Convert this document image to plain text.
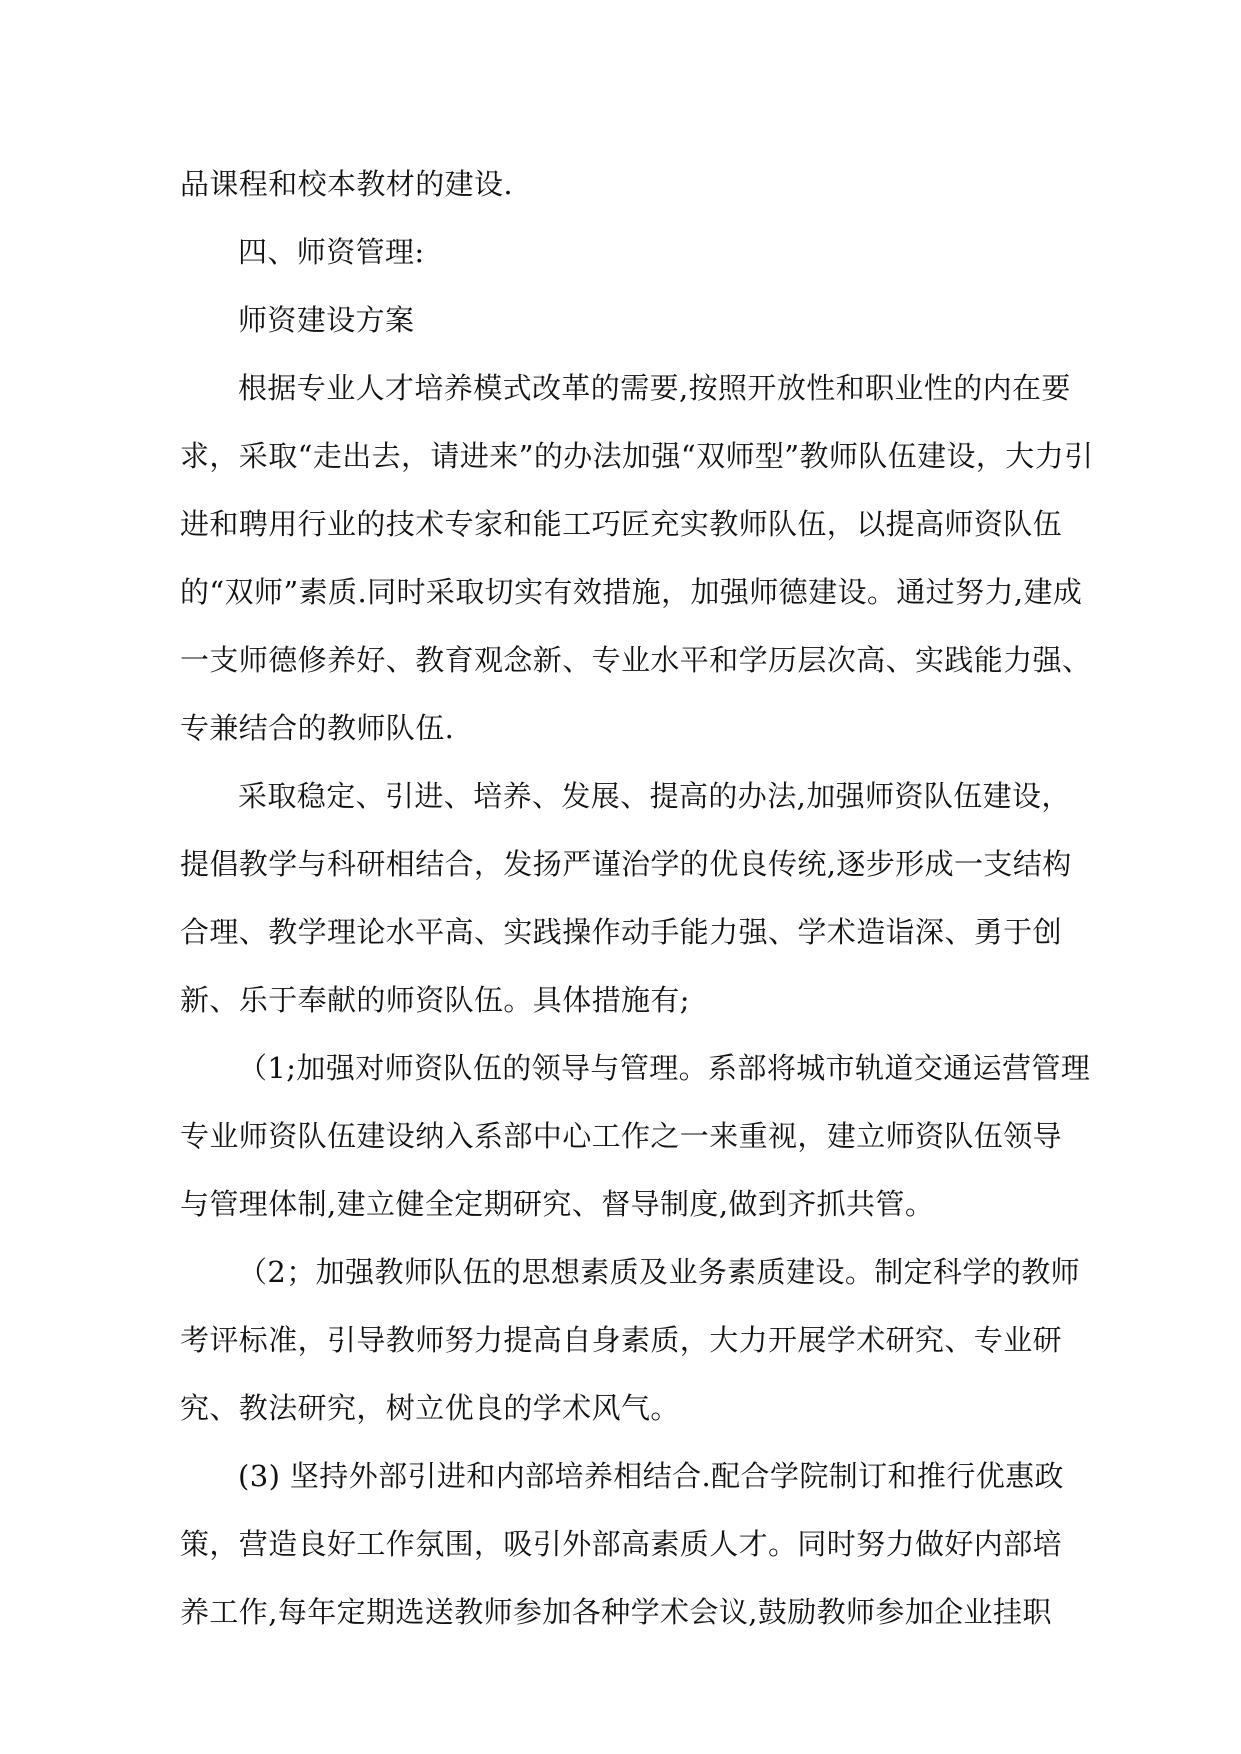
品课程和校本教材的建设.
四、师资管理:
师资建设方案
根据专业人才培养模式改革的需要,按照开放性和职业性的内在要
求，采取“走出去，请进来”的办法加强“双师型”教师队伍建设，大力引
进和聘用行业的技术专家和能工巧匠充实教师队伍，以提高师资队伍
的“双师”素质.同时采取切实有效措施，加强师德建设。通过努力,建成
一支师德修养好、教育观念新、专业水平和学历层次高、实践能力强、
专兼结合的教师队伍.
采取稳定、引进、培养、发展、提高的办法,加强师资队伍建设，
提倡教学与科研相结合，发扬严谨治学的优良传统,逐步形成一支结构
合理、教学理论水平高、实践操作动手能力强、学术造诣深、勇于创
新、乐于奉献的师资队伍。具体措施有;
（1;加强对师资队伍的领导与管理。系部将城市轨道交通运营管理
专业师资队伍建设纳入系部中心工作之一来重视，建立师资队伍领导
与管理体制,建立健全定期研究、督导制度,做到齐抓共管。
（2；加强教师队伍的思想素质及业务素质建设。制定科学的教师
考评标准，引导教师努力提高自身素质，大力开展学术研究、专业研
究、教法研究，树立优良的学术风气。
(3) 坚持外部引进和内部培养相结合.配合学院制订和推行优惠政
策，营造良好工作氛围，吸引外部高素质人才。同时努力做好内部培
养工作,每年定期选送教师参加各种学术会议,鼓励教师参加企业挂职
